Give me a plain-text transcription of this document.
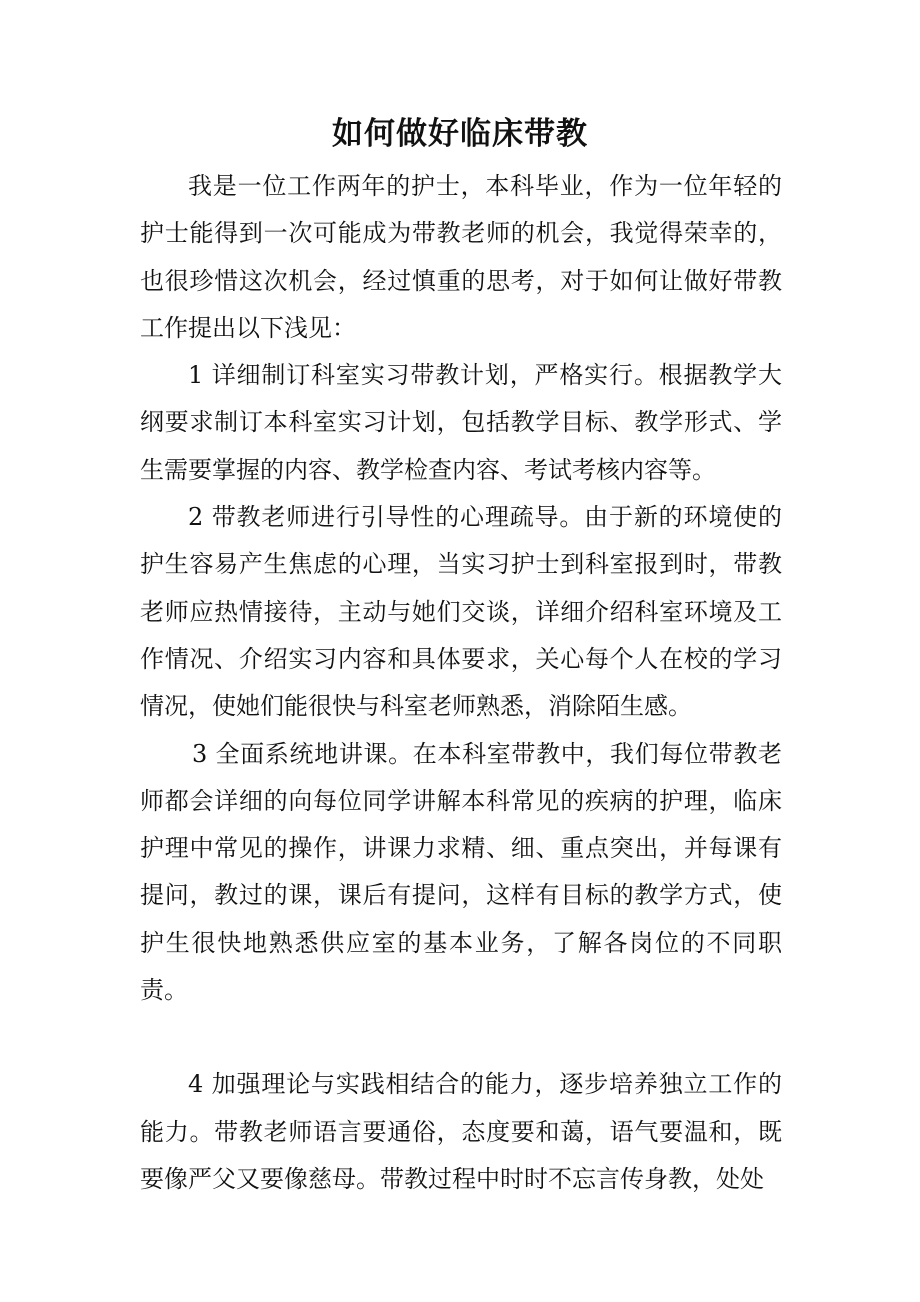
如何做好临床带教

我是一位工作两年的护士，本科毕业，作为一位年轻的护士能得到一次可能成为带教老师的机会，我觉得荣幸的，也很珍惜这次机会，经过慎重的思考，对于如何让做好带教工作提出以下浅见：

1 详细制订科室实习带教计划，严格实行。根据教学大纲要求制订本科室实习计划，包括教学目标、教学形式、学生需要掌握的内容、教学检查内容、考试考核内容等。

2 带教老师进行引导性的心理疏导。由于新的环境使的护生容易产生焦虑的心理，当实习护士到科室报到时，带教老师应热情接待，主动与她们交谈，详细介绍科室环境及工作情况、介绍实习内容和具体要求，关心每个人在校的学习情况，使她们能很快与科室老师熟悉，消除陌生感。

3 全面系统地讲课。在本科室带教中，我们每位带教老师都会详细的向每位同学讲解本科常见的疾病的护理，临床护理中常见的操作，讲课力求精、细、重点突出，并每课有提问，教过的课，课后有提问，这样有目标的教学方式，使护生很快地熟悉供应室的基本业务，了解各岗位的不同职责。

4 加强理论与实践相结合的能力，逐步培养独立工作的能力。带教老师语言要通俗，态度要和蔼，语气要温和，既要像严父又要像慈母。带教过程中时时不忘言传身教，处处
